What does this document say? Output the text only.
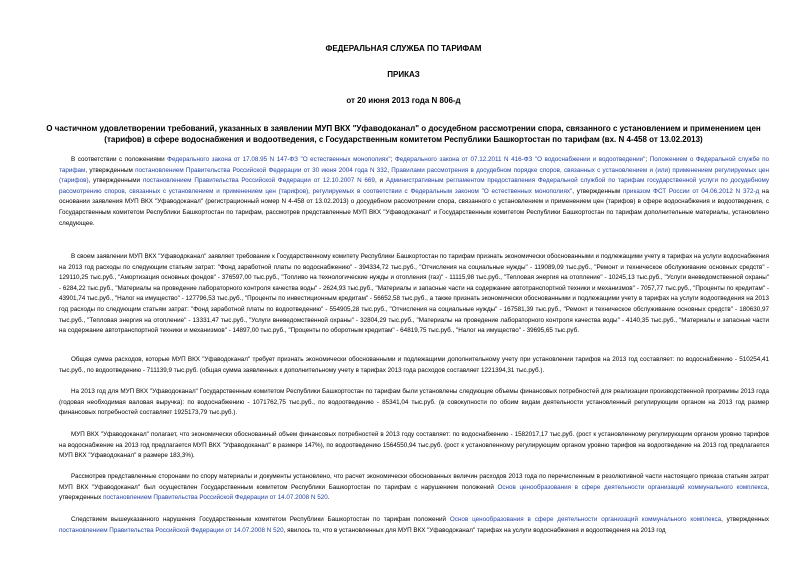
ФЕДЕРАЛЬНАЯ СЛУЖБА ПО ТАРИФАМ
ПРИКАЗ
от 20 июня 2013 года N 806-д
О частичном удовлетворении требований, указанных в заявлении МУП ВКХ "Уфаводоканал" о досудебном рассмотрении спора, связанного с установлением и применением цен (тарифов) в сфере водоснабжения и водоотведения, с Государственным комитетом Республики Башкортостан по тарифам (вх. N 4-458 от 13.02.2013)

В соответствии с положениями Федерального закона от 17.08.95 N 147-ФЗ "О естественных монополиях"; Федерального закона от 07.12.2011 N 416-ФЗ "О водоснабжении и водоотведении"; Положением о Федеральной службе по тарифам, утвержденным постановлением Правительства Российской Федерации от 30 июня 2004 года N 332, Правилами рассмотрения в досудебном порядке споров, связанных с установлением и (или) применением регулируемых цен (тарифов), утвержденными постановлением Правительства Российской Федерации от 12.10.2007 N 669, и Административным регламентом предоставления Федеральной службой по тарифам государственной услуги по досудебному рассмотрению споров, связанных с установлением и применением цен (тарифов), регулируемых в соответствии с Федеральным законом "О естественных монополиях", утвержденным приказом ФСТ России от 04.06.2012 N 372-д на основании заявления МУП ВКХ "Уфаводоканал" (регистрационный номер N 4-458 от 13.02.2013) о досудебном рассмотрении спора, связанного с установлением и применением цен (тарифов) в сфере водоснабжения и водоотведения, с Государственным комитетом Республики Башкортостан по тарифам, рассмотрев представленные МУП ВКХ "Уфаводоканал" и Государственным комитетом Республики Башкортостан по тарифам дополнительные материалы, установлено следующее.

В своем заявлении МУП ВКХ "Уфаводоканал" заявляет требование к Государственному комитету Республики Башкортостан по тарифам признать экономически обоснованными и подлежащими учету в тарифах на услуги водоснабжения на 2013 год расходы по следующим статьям затрат: "Фонд заработной платы по водоснабжению" - 394334,72 тыс.руб., "Отчисления на социальные нужды" - 119089,09 тыс.руб., "Ремонт и техническое обслуживание основных средств" - 129110,25 тыс.руб., "Амортизация основных фондов" - 376597,00 тыс.руб., "Топливо на технологические нужды и отопления (газ)" - 11115,98 тыс.руб., "Тепловая энергия на отопление" - 10245,13 тыс.руб., "Услуги вневедомственной охраны" - 6284,22 тыс.руб., "Материалы на проведение лабораторного контроля качества воды" - 2624,93 тыс.руб., "Материалы и запасные части на содержание автотранспортной техники и механизмов" - 7057,77 тыс.руб., "Проценты по кредитам" - 43901,74 тыс.руб., "Налог на имущество" - 127796,53 тыс.руб., "Проценты по инвестиционным кредитам" - 56652,58 тыс.руб., а также признать экономически обоснованными и подлежащими учету в тарифах на услуги водоотведения на 2013 год расходы по следующим статьям затрат: "Фонд заработной платы по водоотведению" - 554905,28 тыс.руб., "Отчисления на социальные нужды" - 167581,39 тыс.руб., "Ремонт и техническое обслуживание основных средств" - 180630,97 тыс.руб., "Тепловая энергия на отопление" - 13331,47 тыс.руб., "Услуги вневедомственной охраны" - 32804,29 тыс.руб., "Материалы на проведение лабораторного контроля качества воды" - 4140,35 тыс.руб., "Материалы и запасные части на содержание автотранспортной техники и механизмов" - 14897,00 тыс.руб., "Проценты по оборотным кредитам" - 64819,75 тыс.руб., "Налог на имущество" - 39695,65 тыс.руб.

Общая сумма расходов, которые МУП ВКХ "Уфаводоканал" требует признать экономически обоснованными и подлежащими дополнительному учету при установлении тарифов на 2013 год составляет: по водоснабжению - 510254,41 тыс.руб., по водоотведению - 711139,9 тыс.руб. (общая сумма заявленных к дополнительному учету в тарифах 2013 года расходов составляет 1221394,31 тыс.руб.).

На 2013 год для МУП ВКХ "Уфаводоканал" Государственным комитетом Республики Башкортостан по тарифам были установлены следующие объемы финансовых потребностей для реализации производственной программы 2013 года (годовая необходимая валовая выручка): по водоснабжению - 1071762,75 тыс.руб., по водоотведению - 85341,04 тыс.руб. (в совокупности по обоим видам деятельности установленный регулирующим органом на 2013 год размер финансовых потребностей составляет 1925173,79 тыс.руб.).

МУП ВКХ "Уфаводоканал" полагает, что экономически обоснованный объем финансовых потребностей в 2013 году составляет: по водоснабжению - 1582017,17 тыс.руб. (рост к установленному регулирующим органом уровню тарифов на водоснабжение на 2013 год предлагается МУП ВКХ "Уфаводоканал" в размере 147%), по водоотведению 1564550,94 тыс.руб. (рост к установленному регулирующим органом уровню тарифов на водоотведение на 2013 год предлагается МУП ВКХ "Уфаводоканал" в размере 183,3%).

Рассмотрев представленные сторонами по спору материалы и документы установлено, что расчет экономически обоснованных величин расходов 2013 года по перечисленным в резолютивной части настоящего приказа статьям затрат МУП ВКХ "Уфаводоканал" был осуществлен Государственным комитетом Республики Башкортостан по тарифам с нарушением положений Основ ценообразования в сфере деятельности организаций коммунального комплекса, утвержденных постановлением Правительства Российской Федерации от 14.07.2008 N 520.

Следствием вышеуказанного нарушения Государственным комитетом Республики Башкортостан по тарифам положений Основ ценообразования в сфере деятельности организаций коммунального комплекса, утвержденных постановлением Правительства Российской Федерации от 14.07.2008 N 520, явилось то, что в установленных для МУП ВКХ "Уфаводоканал" тарифах на услуги водоснабжения и водоотведения на 2013 год
